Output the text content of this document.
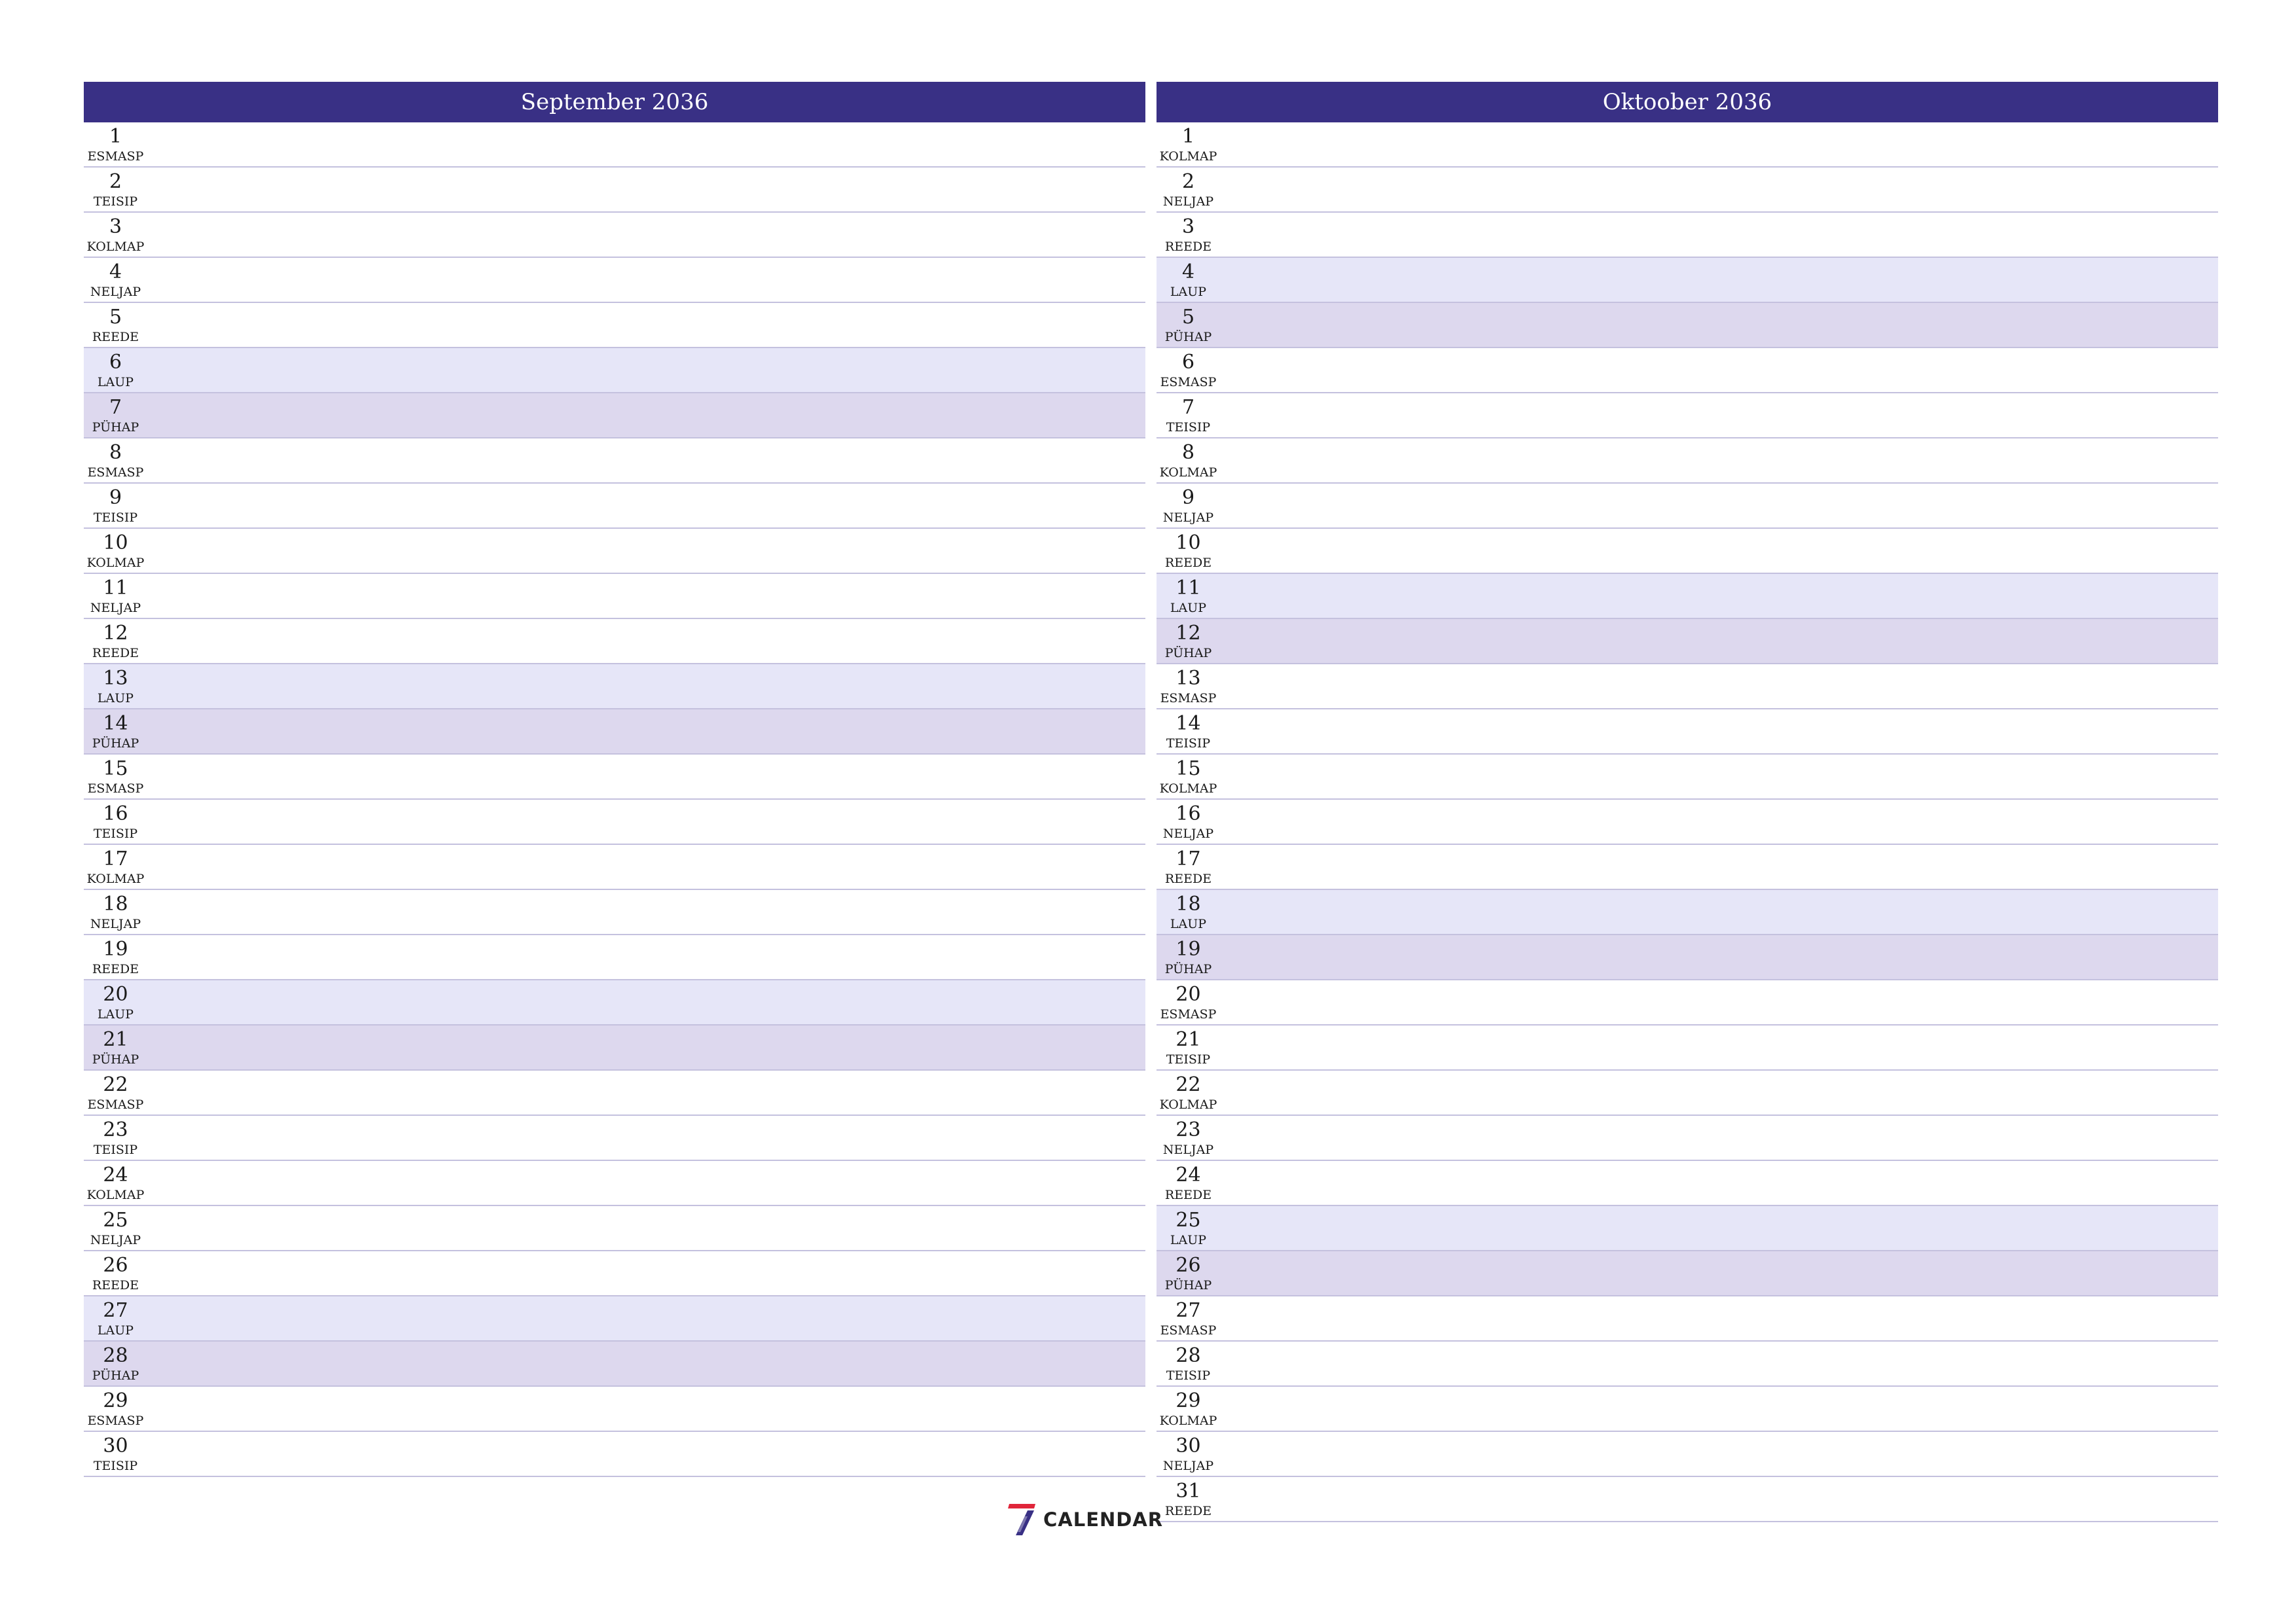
September 2036
1
ESMASP
2
TEISIP
3
KOLMAP
4
NELJAP
5
REEDE
6
LAUP
7
PÜHAP
8
ESMASP
9
TEISIP
10
KOLMAP
11
NELJAP
12
REEDE
13
LAUP
14
PÜHAP
15
ESMASP
16
TEISIP
17
KOLMAP
18
NELJAP
19
REEDE
20
LAUP
21
PÜHAP
22
ESMASP
23
TEISIP
24
KOLMAP
25
NELJAP
26
REEDE
27
LAUP
28
PÜHAP
29
ESMASP
30
TEISIP
Oktoober 2036
1
KOLMAP
2
NELJAP
3
REEDE
4
LAUP
5
PÜHAP
6
ESMASP
7
TEISIP
8
KOLMAP
9
NELJAP
10
REEDE
11
LAUP
12
PÜHAP
13
ESMASP
14
TEISIP
15
KOLMAP
16
NELJAP
17
REEDE
18
LAUP
19
PÜHAP
20
ESMASP
21
TEISIP
22
KOLMAP
23
NELJAP
24
REEDE
25
LAUP
26
PÜHAP
27
ESMASP
28
TEISIP
29
KOLMAP
30
NELJAP
31
REEDE
CALENDAR
